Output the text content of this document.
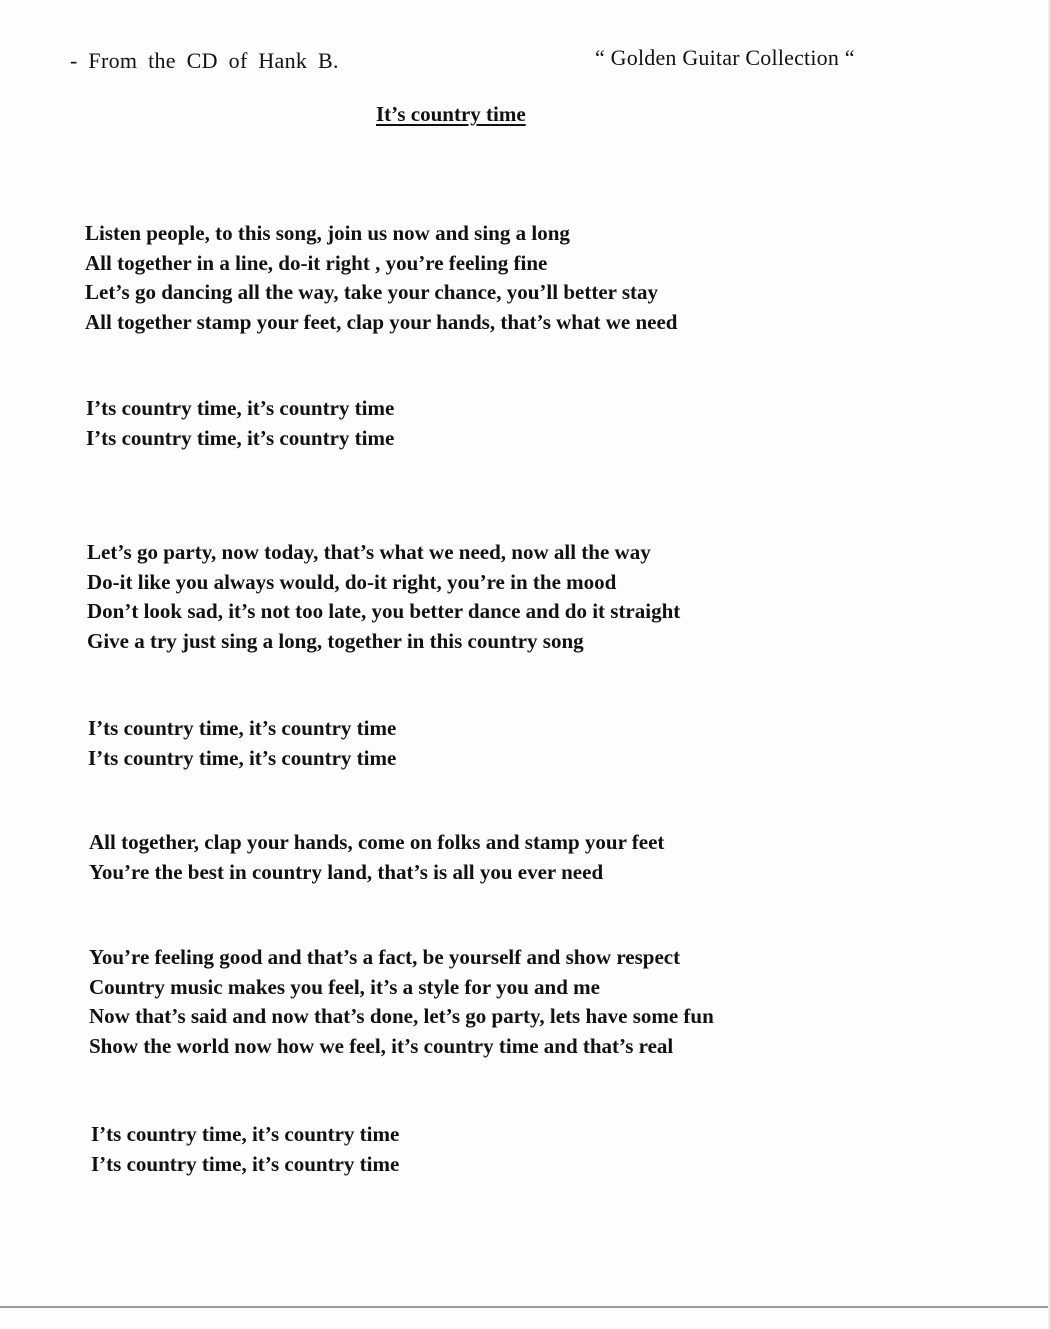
- From the CD of Hank B.	“ Golden Guitar Collection “
It’s country time
Listen people, to this song, join us now and sing a long
All together in a line, do-it right , you’re feeling fine
Let’s go dancing all the way, take your chance, you’ll better stay
All together stamp your feet, clap your hands, that’s what we need
I’ts country time, it’s country time
I’ts country time, it’s country time
Let’s go party, now today, that’s what we need, now all the way
Do-it like you always would, do-it right, you’re in the mood
Don’t look sad, it’s not too late, you better dance and do it straight
Give a try just sing a long, together in this country song
I’ts country time, it’s country time
I’ts country time, it’s country time
All together, clap your hands, come on folks and stamp your feet
You’re the best in country land, that’s is all you ever need
You’re feeling good and that’s a fact, be yourself and show respect
Country music makes you feel, it’s a style for you and me
Now that’s said and now that’s done, let’s go party, lets have some fun
Show the world now how we feel, it’s country time and that’s real
I’ts country time, it’s country time
I’ts country time, it’s country time
